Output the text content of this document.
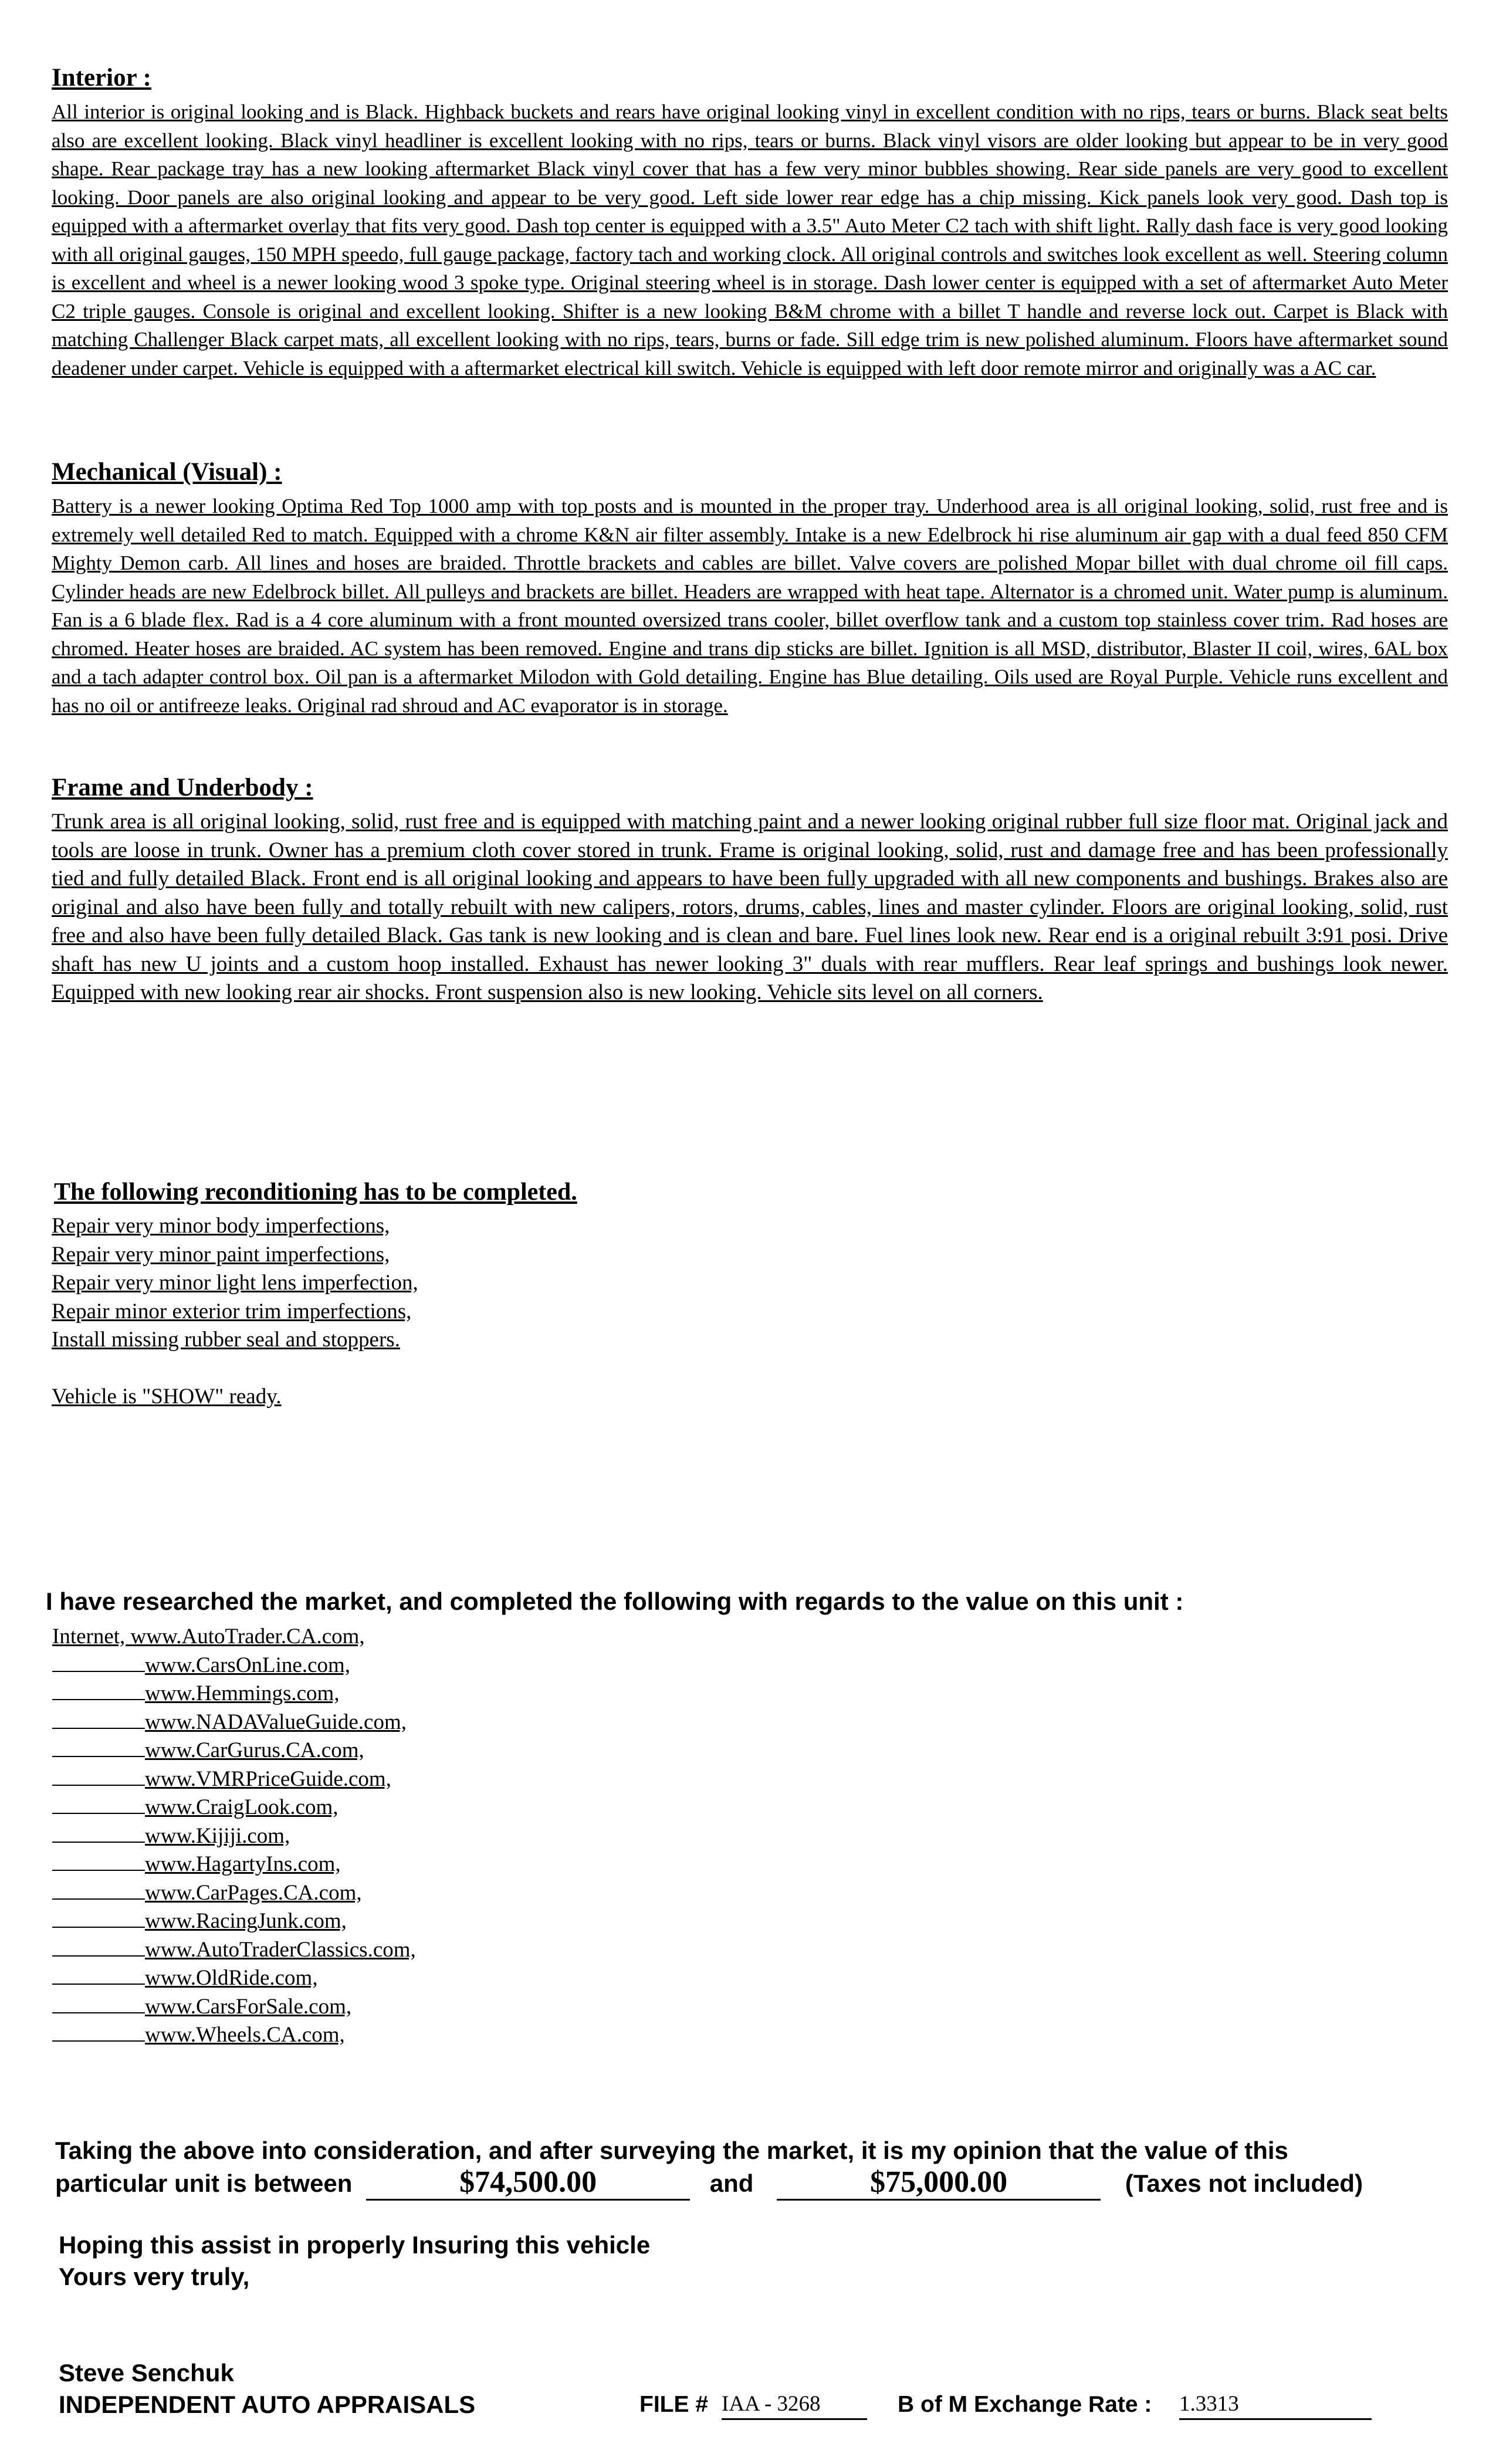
Interior :

All interior is original looking and is Black. Highback buckets and rears have original looking vinyl in excellent condition with no rips, tears or burns. Black seat belts also are excellent looking. Black vinyl headliner is excellent looking with no rips, tears or burns. Black vinyl visors are older looking but appear to be in very good shape. Rear package tray has a new looking aftermarket Black vinyl cover that has a few very minor bubbles showing. Rear side panels are very good to excellent looking. Door panels are also original looking and appear to be very good. Left side lower rear edge has a chip missing. Kick panels look very good. Dash top is equipped with a aftermarket overlay that fits very good. Dash top center is equipped with a 3.5" Auto Meter C2 tach with shift light. Rally dash face is very good looking with all original gauges, 150 MPH speedo, full gauge package, factory tach and working clock. All original controls and switches look excellent as well. Steering column is excellent and wheel is a newer looking wood 3 spoke type. Original steering wheel is in storage. Dash lower center is equipped with a set of aftermarket Auto Meter C2 triple gauges. Console is original and excellent looking. Shifter is a new looking B&M chrome with a billet T handle and reverse lock out. Carpet is Black with matching Challenger Black carpet mats, all excellent looking with no rips, tears, burns or fade. Sill edge trim is new polished aluminum. Floors have aftermarket sound deadener under carpet. Vehicle is equipped with a aftermarket electrical kill switch. Vehicle is equipped with left door remote mirror and originally was a AC car.

Mechanical (Visual) :

Battery is a newer looking Optima Red Top 1000 amp with top posts and is mounted in the proper tray. Underhood area is all original looking, solid, rust free and is extremely well detailed Red to match. Equipped with a chrome K&N air filter assembly. Intake is a new Edelbrock hi rise aluminum air gap with a dual feed 850 CFM Mighty Demon carb. All lines and hoses are braided. Throttle brackets and cables are billet. Valve covers are polished Mopar billet with dual chrome oil fill caps. Cylinder heads are new Edelbrock billet. All pulleys and brackets are billet. Headers are wrapped with heat tape. Alternator is a chromed unit. Water pump is aluminum. Fan is a 6 blade flex. Rad is a 4 core aluminum with a front mounted oversized trans cooler, billet overflow tank and a custom top stainless cover trim. Rad hoses are chromed. Heater hoses are braided. AC system has been removed. Engine and trans dip sticks are billet. Ignition is all MSD, distributor, Blaster II coil, wires, 6AL box and a tach adapter control box. Oil pan is a aftermarket Milodon with Gold detailing. Engine has Blue detailing. Oils used are Royal Purple. Vehicle runs excellent and has no oil or antifreeze leaks. Original rad shroud and AC evaporator is in storage.

Frame and Underbody :

Trunk area is all original looking, solid, rust free and is equipped with matching paint and a newer looking original rubber full size floor mat. Original jack and tools are loose in trunk. Owner has a premium cloth cover stored in trunk. Frame is original looking, solid, rust and damage free and has been professionally tied and fully detailed Black. Front end is all original looking and appears to have been fully upgraded with all new components and bushings. Brakes also are original and also have been fully and totally rebuilt with new calipers, rotors, drums, cables, lines and master cylinder. Floors are original looking, solid, rust free and also have been fully detailed Black. Gas tank is new looking and is clean and bare. Fuel lines look new. Rear end is a original rebuilt 3:91 posi. Drive shaft has new U joints and a custom hoop installed. Exhaust has newer looking 3" duals with rear mufflers. Rear leaf springs and bushings look newer. Equipped with new looking rear air shocks. Front suspension also is new looking. Vehicle sits level on all corners.

The following reconditioning has to be completed.
Repair very minor body imperfections,
Repair very minor paint imperfections,
Repair very minor light lens imperfection,
Repair minor exterior trim imperfections,
Install missing rubber seal and stoppers.
Vehicle is "SHOW" ready.
I have researched the market, and completed the following with regards to the value on this unit :
Internet, www.AutoTrader.CA.com,
www.CarsOnLine.com,
www.Hemmings.com,
www.NADAValueGuide.com,
www.CarGurus.CA.com,
www.VMRPriceGuide.com,
www.CraigLook.com,
www.Kijiji.com,
www.HagartyIns.com,
www.CarPages.CA.com,
www.RacingJunk.com,
www.AutoTraderClassics.com,
www.OldRide.com,
www.CarsForSale.com,
www.Wheels.CA.com,
Taking the above into consideration, and after surveying the market, it is my opinion that the value of this
particular unit is between	$74,500.00	and	$75,000.00	(Taxes not included)
Hoping this assist in properly Insuring this vehicle
Yours very truly,
Steve Senchuk
INDEPENDENT AUTO APPRAISALS	FILE # IAA - 3268	B of M Exchange Rate : 1.3313
